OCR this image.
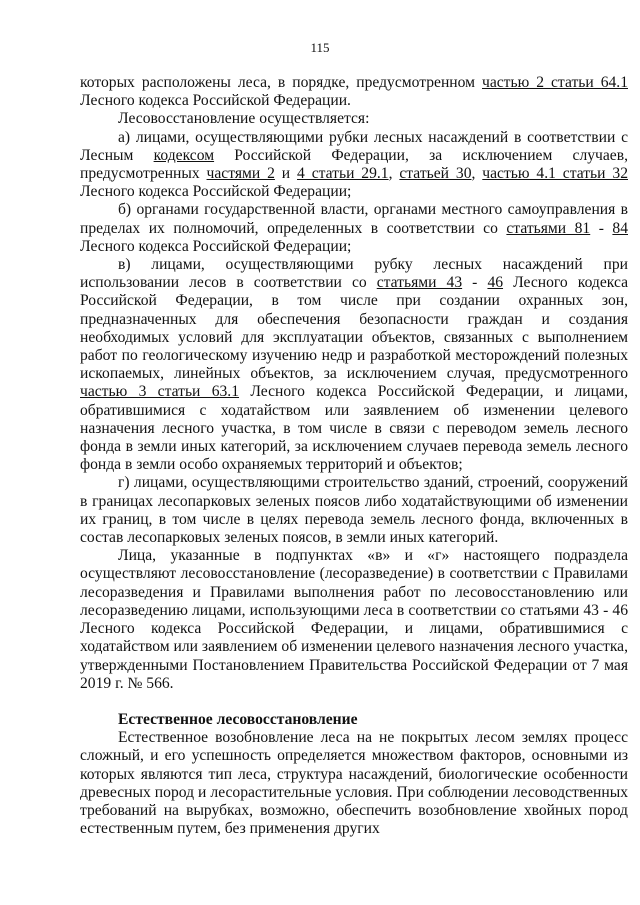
115

которых расположены леса, в порядке, предусмотренном частью 2 статьи 64.1 Лесного кодекса Российской Федерации.

Лесовосстановление осуществляется:

а) лицами, осуществляющими рубки лесных насаждений в соответствии с Лесным кодексом Российской Федерации, за исключением случаев, предусмотренных частями 2 и 4 статьи 29.1, статьей 30, частью 4.1 статьи 32 Лесного кодекса Российской Федерации;

б) органами государственной власти, органами местного самоуправления в пределах их полномочий, определенных в соответствии со статьями 81 - 84 Лесного кодекса Российской Федерации;

в) лицами, осуществляющими рубку лесных насаждений при использовании лесов в соответствии со статьями 43 - 46 Лесного кодекса Российской Федерации, в том числе при создании охранных зон, предназначенных для обеспечения безопасности граждан и создания необходимых условий для эксплуатации объектов, связанных с выполнением работ по геологическому изучению недр и разработкой месторождений полезных ископаемых, линейных объектов, за исключением случая, предусмотренного частью 3 статьи 63.1 Лесного кодекса Российской Федерации, и лицами, обратившимися с ходатайством или заявлением об изменении целевого назначения лесного участка, в том числе в связи с переводом земель лесного фонда в земли иных категорий, за исключением случаев перевода земель лесного фонда в земли особо охраняемых территорий и объектов;

г) лицами, осуществляющими строительство зданий, строений, сооружений в границах лесопарковых зеленых поясов либо ходатайствующими об изменении их границ, в том числе в целях перевода земель лесного фонда, включенных в состав лесопарковых зеленых поясов, в земли иных категорий.

Лица, указанные в подпунктах «в» и «г» настоящего подраздела осуществляют лесовосстановление (лесоразведение) в соответствии с Правилами лесоразведения и Правилами выполнения работ по лесовосстановлению или лесоразведению лицами, использующими леса в соответствии со статьями 43 - 46 Лесного кодекса Российской Федерации, и лицами, обратившимися с ходатайством или заявлением об изменении целевого назначения лесного участка, утвержденными Постановлением Правительства Российской Федерации от 7 мая 2019 г. № 566.

Естественное лесовосстановление

Естественное возобновление леса на не покрытых лесом землях процесс сложный, и его успешность определяется множеством факторов, основными из которых являются тип леса, структура насаждений, биологические особенности древесных пород и лесорастительные условия. При соблюдении лесоводственных требований на вырубках, возможно, обеспечить возобновление хвойных пород естественным путем, без применения других
